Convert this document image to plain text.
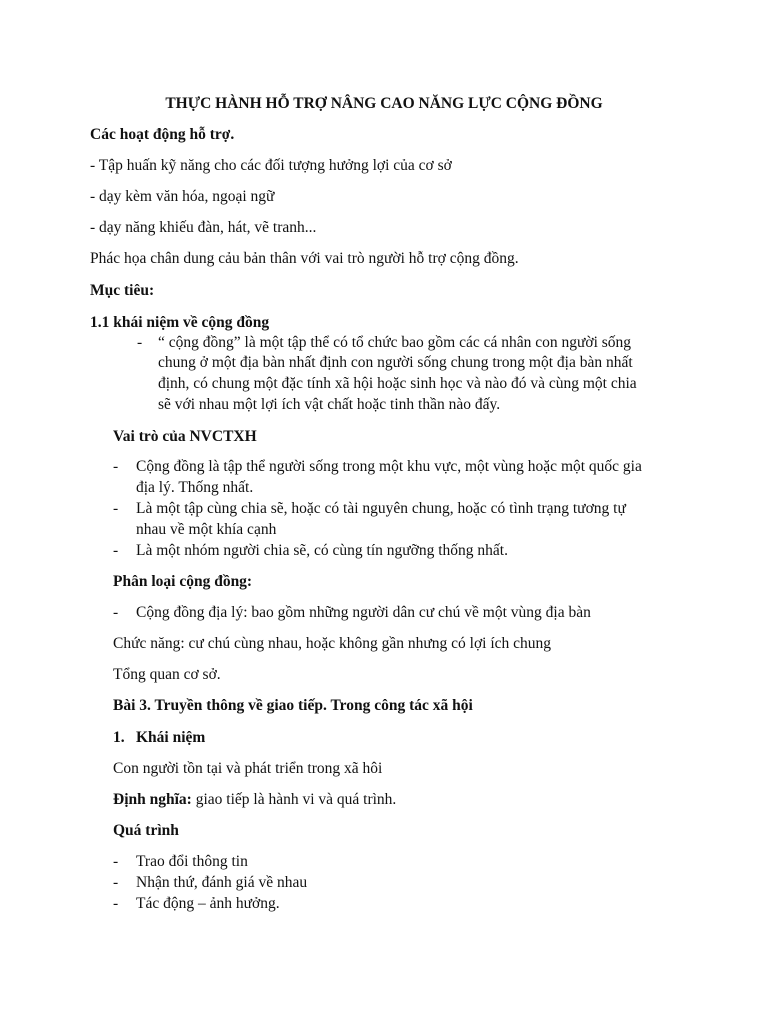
THỰC HÀNH HỖ TRỢ NÂNG CAO NĂNG LỰC CỘNG ĐỒNG
Các hoạt động hỗ trợ.
- Tập huấn kỹ năng cho các đối tượng hưởng lợi của cơ sở
- dạy kèm văn hóa, ngoại ngữ
- dạy năng khiếu đàn, hát, vẽ tranh...
Phác họa chân dung cảu bản thân với vai trò người hỗ trợ cộng đồng.
Mục tiêu:
1.1 khái niệm về cộng đồng
- “ cộng đồng” là một tập thể có tổ chức bao gồm các cá nhân con người sống
chung ở một địa bàn nhất định con người sống chung trong một địa bàn nhất
định, có chung một đặc tính xã hội hoặc sinh học và nào đó và cùng một chia
sẽ với nhau một lợi ích vật chất hoặc tinh thần nào đấy.
Vai trò của NVCTXH
- Cộng đồng là tập thể người sống trong một khu vực, một vùng hoặc một quốc gia
địa lý. Thống nhất.
- Là một tập cùng chia sẽ, hoặc có tài nguyên chung, hoặc có tình trạng tương tự
nhau về một khía cạnh
- Là một nhóm người chia sẽ, có cùng tín ngưỡng thống nhất.
Phân loại cộng đồng:
- Cộng đồng địa lý: bao gồm những người dân cư chú về một vùng địa bàn
Chức năng: cư chú cùng nhau, hoặc không gần nhưng có lợi ích chung
Tổng quan cơ sở.
Bài 3. Truyền thông về giao tiếp. Trong công tác xã hội
1. Khái niệm
Con người tồn tại và phát triển trong xã hôi
Định nghĩa: giao tiếp là hành vi và quá trình.
Quá trình
- Trao đổi thông tin
- Nhận thứ, đánh giá về nhau
- Tác động – ảnh hưởng.
